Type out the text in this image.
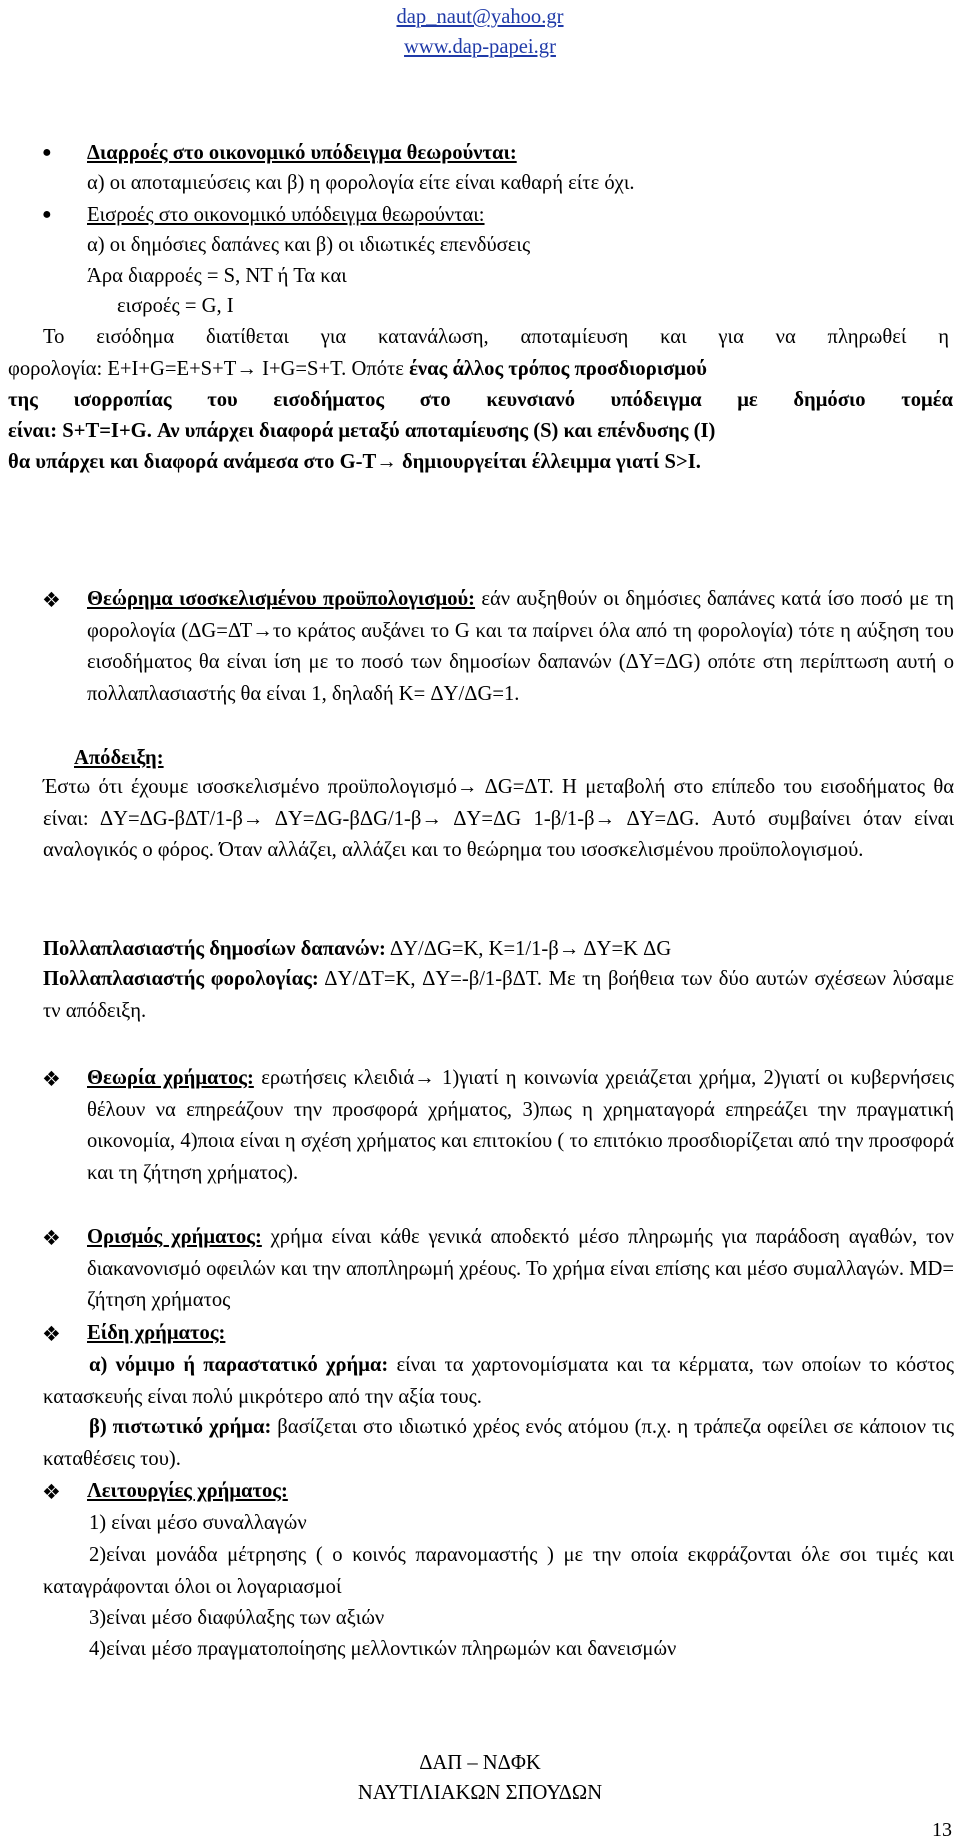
dap_naut@yahoo.gr
www.dap-papei.gr
● Διαρροές στο οικονομικό υπόδειγμα θεωρούνται:
α) οι αποταμιεύσεις και β) η φορολογία είτε είναι καθαρή είτε όχι.
● Εισροές στο οικονομικό υπόδειγμα θεωρούνται:
α) οι δημόσιες δαπάνες και β) οι ιδιωτικές επενδύσεις
Άρα διαρροές = S, NT ή Τα και
εισροές = G, I
Το εισόδημα διατίθεται για κατανάλωση, αποταμίευση και για να πληρωθεί η
φορολογία: E+I+G=E+S+T→ I+G=S+T. Οπότε ένας άλλος τρόπος προσδιορισμού
της ισορροπίας του εισοδήματος στο κευνσιανό υπόδειγμα με δημόσιο τομέα
είναι: S+T=I+G. Αν υπάρχει διαφορά μεταξύ αποταμίευσης (S) και επένδυσης (I)
θα υπάρχει και διαφορά ανάμεσα στο G-T→ δημιουργείται έλλειμμα γιατί S>I.
❖ Θεώρημα ισοσκελισμένου προϋπολογισμού: εάν αυξηθούν οι δημόσιες δαπάνες κατά ίσο ποσό με τη φορολογία (ΔG=ΔΤ→το κράτος αυξάνει το G και τα παίρνει όλα από τη φορολογία) τότε η αύξηση του εισοδήματος θα είναι ίση με το ποσό των δημοσίων δαπανών (ΔY=ΔG) οπότε στη περίπτωση αυτή ο πολλαπλασιαστής θα είναι 1, δηλαδή K= ΔY/ΔG=1.
Απόδειξη:
Έστω ότι έχουμε ισοσκελισμένο προϋπολογισμό→ ΔG=ΔT. Η μεταβολή στο επίπεδο του εισοδήματος θα είναι: ΔY=ΔG-βΔΤ/1-β→ ΔY=ΔG-βΔG/1-β→ ΔY=ΔG 1-β/1-β→ ΔY=ΔG. Αυτό συμβαίνει όταν είναι αναλογικός ο φόρος. Όταν αλλάζει, αλλάζει και το θεώρημα του ισοσκελισμένου προϋπολογισμού.
Πολλαπλασιαστής δημοσίων δαπανών: ΔY/ΔG=K, K=1/1-β→ ΔY=K ΔG
Πολλαπλασιαστής φορολογίας: ΔY/ΔT=K, ΔY=-β/1-βΔT. Με τη βοήθεια των δύο αυτών σχέσεων λύσαμε τν απόδειξη.
❖ Θεωρία χρήματος: ερωτήσεις κλειδιά→ 1)γιατί η κοινωνία χρειάζεται χρήμα, 2)γιατί οι κυβερνήσεις θέλουν να επηρεάζουν την προσφορά χρήματος, 3)πως η χρηματαγορά επηρεάζει την πραγματική οικονομία, 4)ποια είναι η σχέση χρήματος και επιτοκίου ( το επιτόκιο προσδιορίζεται από την προσφορά και τη ζήτηση χρήματος).
❖ Ορισμός χρήματος: χρήμα είναι κάθε γενικά αποδεκτό μέσο πληρωμής για παράδοση αγαθών, τον διακανονισμό οφειλών και την αποπληρωμή χρέους. Το χρήμα είναι επίσης και μέσο συμαλλαγών. MD= ζήτηση χρήματος
❖ Είδη χρήματος:
α) νόμιμο ή παραστατικό χρήμα: είναι τα χαρτονομίσματα και τα κέρματα, των οποίων το κόστος κατασκευής είναι πολύ μικρότερο από την αξία τους.
β) πιστωτικό χρήμα: βασίζεται στο ιδιωτικό χρέος ενός ατόμου (π.χ. η τράπεζα οφείλει σε κάποιον τις καταθέσεις του).
❖ Λειτουργίες χρήματος:
1) είναι μέσο συναλλαγών
2)είναι μονάδα μέτρησης ( ο κοινός παρανομαστής ) με την οποία εκφράζονται όλε σοι τιμές και καταγράφονται όλοι οι λογαριασμοί
3)είναι μέσο διαφύλαξης των αξιών
4)είναι μέσο πραγματοποίησης μελλοντικών πληρωμών και δανεισμών
ΔΑΠ – ΝΔΦΚ
ΝΑΥΤΙΛΙΑΚΩΝ ΣΠΟΥΔΩΝ
13
